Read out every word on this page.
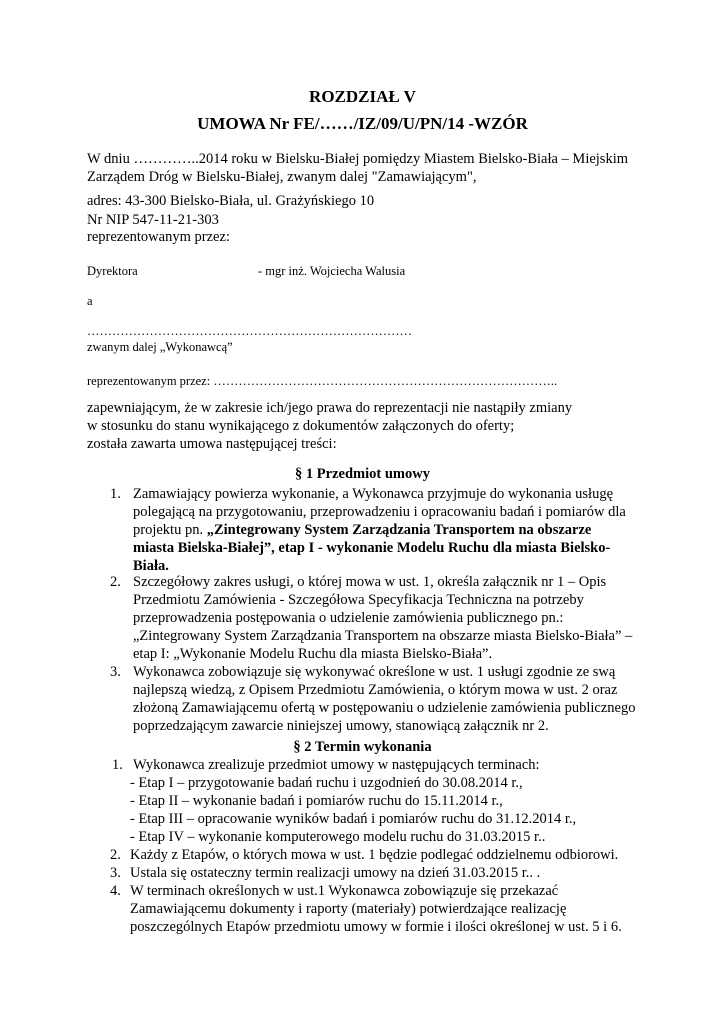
ROZDZIAŁ V
UMOWA Nr FE/……/IZ/09/U/PN/14 -WZÓR
W dniu …………..2014 roku w Bielsku-Białej pomiędzy Miastem Bielsko-Biała – Miejskim
Zarządem Dróg w Bielsku-Białej, zwanym dalej "Zamawiającym",
adres: 43-300 Bielsko-Biała, ul. Grażyńskiego 10
Nr NIP 547-11-21-303
reprezentowanym przez:
Dyrektora	- mgr inż. Wojciecha Walusia
a
……………………………………………………………………
zwanym dalej „Wykonawcą”
reprezentowanym przez: ………………………………………………………………………..
zapewniającym, że w zakresie ich/jego prawa do reprezentacji nie nastąpiły zmiany
w stosunku do stanu wynikającego z dokumentów załączonych do oferty;
została zawarta umowa następującej treści:
§ 1 Przedmiot umowy
1. Zamawiający powierza wykonanie, a Wykonawca przyjmuje do wykonania usługę
polegającą na przygotowaniu, przeprowadzeniu i opracowaniu badań i pomiarów dla
projektu pn. „Zintegrowany System Zarządzania Transportem na obszarze
miasta Bielska-Białej”, etap I - wykonanie Modelu Ruchu dla miasta Bielsko-
Biała.
2. Szczegółowy zakres usługi, o której mowa w ust. 1, określa załącznik nr 1 – Opis
Przedmiotu Zamówienia - Szczegółowa Specyfikacja Techniczna na potrzeby
przeprowadzenia postępowania o udzielenie zamówienia publicznego pn.:
„Zintegrowany System Zarządzania Transportem na obszarze miasta Bielsko-Biała” –
etap I: „Wykonanie Modelu Ruchu dla miasta Bielsko-Biała”.
3. Wykonawca zobowiązuje się wykonywać określone w ust. 1 usługi zgodnie ze swą
najlepszą wiedzą, z Opisem Przedmiotu Zamówienia, o którym mowa w ust. 2 oraz
złożoną Zamawiającemu ofertą w postępowaniu o udzielenie zamówienia publicznego
poprzedzającym zawarcie niniejszej umowy, stanowiącą załącznik nr 2.
§ 2 Termin wykonania
1. Wykonawca zrealizuje przedmiot umowy w następujących terminach:
- Etap I – przygotowanie badań ruchu i uzgodnień do 30.08.2014 r.,
- Etap II – wykonanie badań i pomiarów ruchu do 15.11.2014 r.,
- Etap III – opracowanie wyników badań i pomiarów ruchu do 31.12.2014 r.,
- Etap IV – wykonanie komputerowego modelu ruchu do 31.03.2015 r..
2. Każdy z Etapów, o których mowa w ust. 1 będzie podlegać oddzielnemu odbiorowi.
3. Ustala się ostateczny termin realizacji umowy na dzień 31.03.2015 r.. .
4. W terminach określonych w ust.1 Wykonawca zobowiązuje się przekazać
Zamawiającemu dokumenty i raporty (materiały) potwierdzające realizację
poszczególnych Etapów przedmiotu umowy w formie i ilości określonej w ust. 5 i 6.
